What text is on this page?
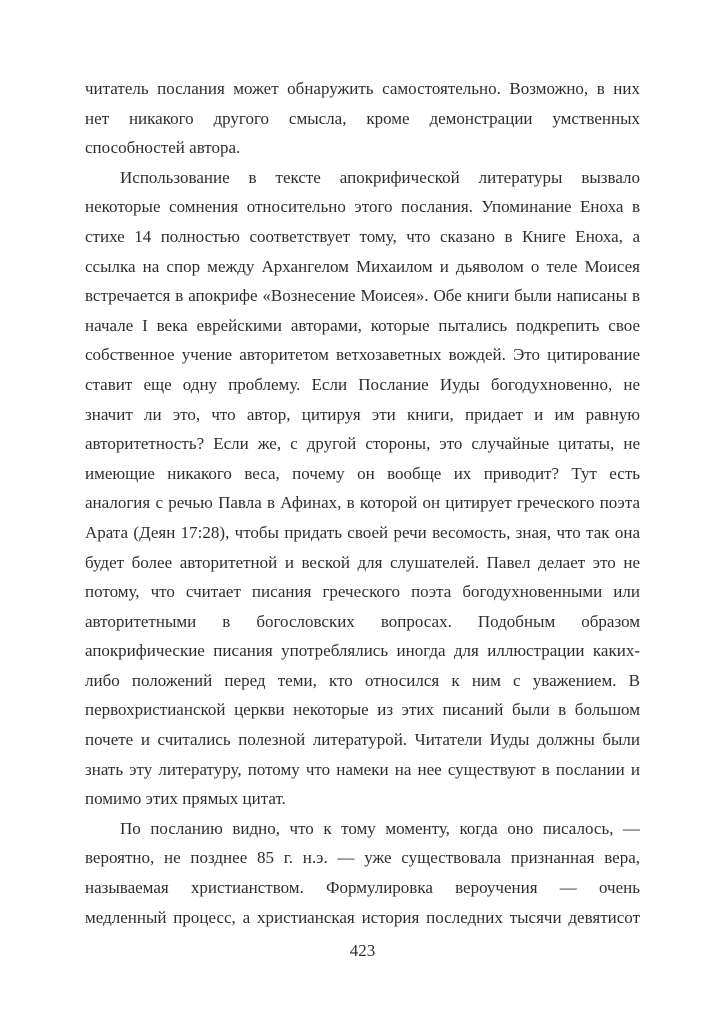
читатель послания может обнаружить самостоятельно. Возможно, в них
нет никакого другого смысла, кроме демонстрации умственных
способностей автора.
Использование в тексте апокрифической литературы вызвало
некоторые сомнения относительно этого послания. Упоминание Еноха в
стихе 14 полностью соответствует тому, что сказано в Книге Еноха, а
ссылка на спор между Архангелом Михаилом и дьяволом о теле Моисея
встречается в апокрифе «Вознесение Моисея». Обе книги были написаны в
начале I века еврейскими авторами, которые пытались подкрепить свое
собственное учение авторитетом ветхозаветных вождей. Это цитирование
ставит еще одну проблему. Если Послание Иуды богодухновенно, не
значит ли это, что автор, цитируя эти книги, придает и им равную
авторитетность? Если же, с другой стороны, это случайные цитаты, не
имеющие никакого веса, почему он вообще их приводит? Тут есть
аналогия с речью Павла в Афинах, в которой он цитирует греческого поэта
Арата (Деян 17:28), чтобы придать своей речи весомость, зная, что так она
будет более авторитетной и веской для слушателей. Павел делает это не
потому, что считает писания греческого поэта богодухновенными или
авторитетными в богословских вопросах. Подобным образом
апокрифические писания употреблялись иногда для иллюстрации каких-
либо положений перед теми, кто относился к ним с уважением. В
первохристианской церкви некоторые из этих писаний были в большом
почете и считались полезной литературой. Читатели Иуды должны были
знать эту литературу, потому что намеки на нее существуют в послании и
помимо этих прямых цитат.
По посланию видно, что к тому моменту, когда оно писалось, —
вероятно, не позднее 85 г. н.э. — уже существовала признанная вера,
называемая христианством. Формулировка вероучения — очень
медленный процесс, а христианская история последних тысячи девятисот
423
